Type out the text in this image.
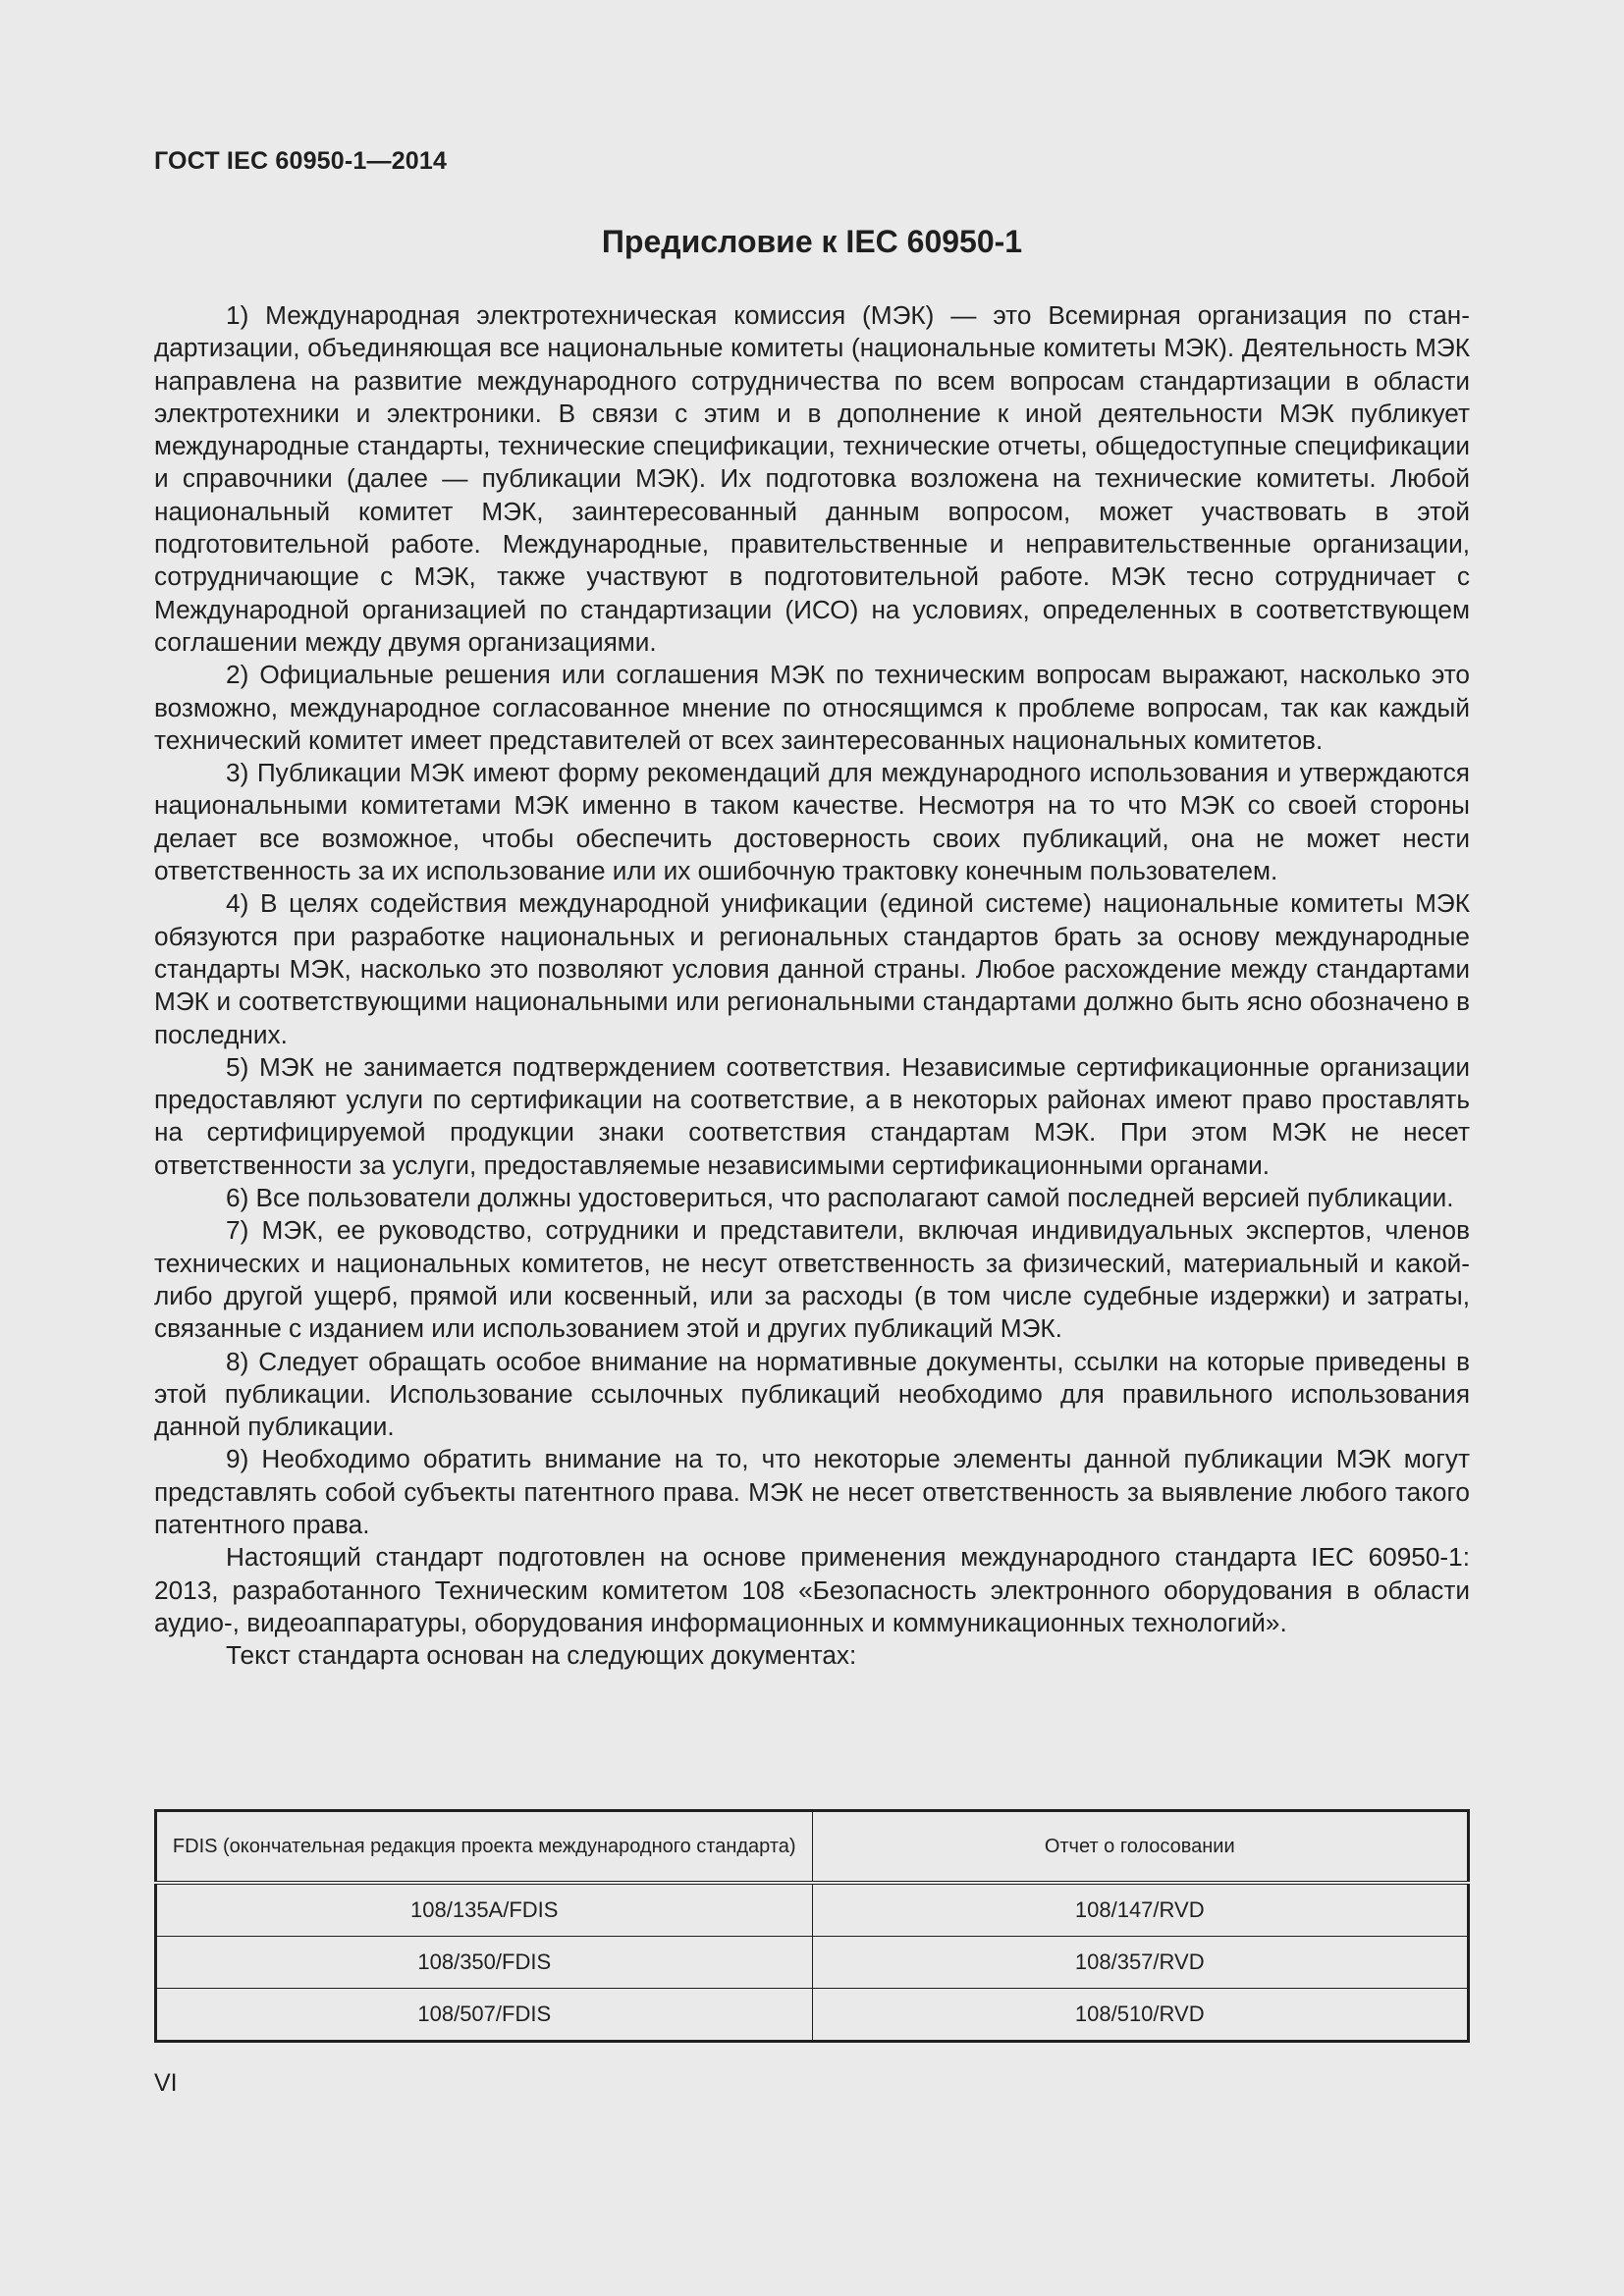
ГОСТ IEC 60950-1—2014
Предисловие к IEC 60950-1

1) Международная электротехническая комиссия (МЭК) — это Всемирная организация по стандартизации, объединяющая все национальные комитеты (национальные комитеты МЭК). Деятельность МЭК направлена на развитие международного сотрудничества по всем вопросам стандартизации в области электротехники и электроники. В связи с этим и в дополнение к иной деятельности МЭК публикует международные стандарты, технические спецификации, технические отчеты, общедоступные спецификации и справочники (далее — публикации МЭК). Их подготовка возложена на технические комитеты. Любой национальный комитет МЭК, заинтересованный данным вопросом, может участвовать в этой подготовительной работе. Международные, правительственные и неправительственные организации, сотрудничающие с МЭК, также участвуют в подготовительной работе. МЭК тесно сотрудничает с Международной организацией по стандартизации (ИСО) на условиях, определенных в соответствующем соглашении между двумя организациями.

2) Официальные решения или соглашения МЭК по техническим вопросам выражают, насколько это возможно, международное согласованное мнение по относящимся к проблеме вопросам, так как каждый технический комитет имеет представителей от всех заинтересованных национальных комитетов.

3) Публикации МЭК имеют форму рекомендаций для международного использования и утверждаются национальными комитетами МЭК именно в таком качестве. Несмотря на то что МЭК со своей стороны делает все возможное, чтобы обеспечить достоверность своих публикаций, она не может нести ответственность за их использование или их ошибочную трактовку конечным пользователем.

4) В целях содействия международной унификации (единой системе) национальные комитеты МЭК обязуются при разработке национальных и региональных стандартов брать за основу международные стандарты МЭК, насколько это позволяют условия данной страны. Любое расхождение между стандартами МЭК и соответствующими национальными или региональными стандартами должно быть ясно обозначено в последних.

5) МЭК не занимается подтверждением соответствия. Независимые сертификационные организации предоставляют услуги по сертификации на соответствие, а в некоторых районах имеют право проставлять на сертифицируемой продукции знаки соответствия стандартам МЭК. При этом МЭК не несет ответственности за услуги, предоставляемые независимыми сертификационными органами.

6) Все пользователи должны удостовериться, что располагают самой последней версией публикации.

7) МЭК, ее руководство, сотрудники и представители, включая индивидуальных экспертов, членов технических и национальных комитетов, не несут ответственность за физический, материальный и какой-либо другой ущерб, прямой или косвенный, или за расходы (в том числе судебные издержки) и затраты, связанные с изданием или использованием этой и других публикаций МЭК.

8) Следует обращать особое внимание на нормативные документы, ссылки на которые приведены в этой публикации. Использование ссылочных публикаций необходимо для правильного использования данной публикации.

9) Необходимо обратить внимание на то, что некоторые элементы данной публикации МЭК могут представлять собой субъекты патентного права. МЭК не несет ответственность за выявление любого такого патентного права.

Настоящий стандарт подготовлен на основе применения международного стандарта IEC 60950-1: 2013, разработанного Техническим комитетом 108 «Безопасность электронного оборудования в области аудио-, видеоаппаратуры, оборудования информационных и коммуникационных технологий».

Текст стандарта основан на следующих документах:

FDIS (окончательная редакция проекта международного стандарта)	Отчет о голосовании
108/135A/FDIS	108/147/RVD
108/350/FDIS	108/357/RVD
108/507/FDIS	108/510/RVD
VI
